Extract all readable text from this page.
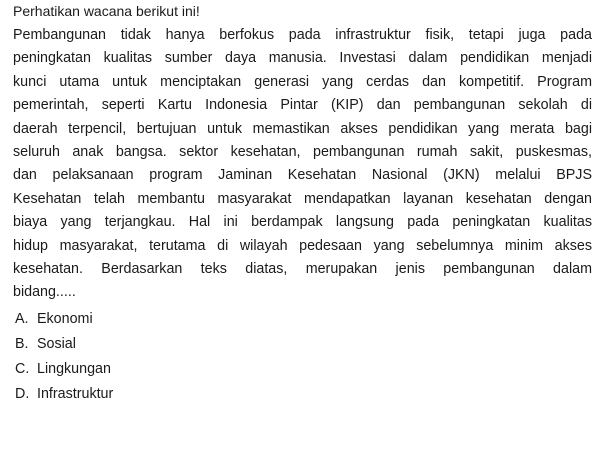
Perhatikan wacana berikut ini!

Pembangunan tidak hanya berfokus pada infrastruktur fisik, tetapi juga pada
peningkatan kualitas sumber daya manusia. Investasi dalam pendidikan menjadi
kunci utama untuk menciptakan generasi yang cerdas dan kompetitif. Program
pemerintah, seperti Kartu Indonesia Pintar (KIP) dan pembangunan sekolah di
daerah terpencil, bertujuan untuk memastikan akses pendidikan yang merata bagi
seluruh anak bangsa. sektor kesehatan, pembangunan rumah sakit, puskesmas,
dan pelaksanaan program Jaminan Kesehatan Nasional (JKN) melalui BPJS
Kesehatan telah membantu masyarakat mendapatkan layanan kesehatan dengan
biaya yang terjangkau. Hal ini berdampak langsung pada peningkatan kualitas
hidup masyarakat, terutama di wilayah pedesaan yang sebelumnya minim akses
kesehatan. Berdasarkan teks diatas, merupakan jenis pembangunan dalam
bidang.....
A. Ekonomi
B. Sosial
C. Lingkungan
D. Infrastruktur
